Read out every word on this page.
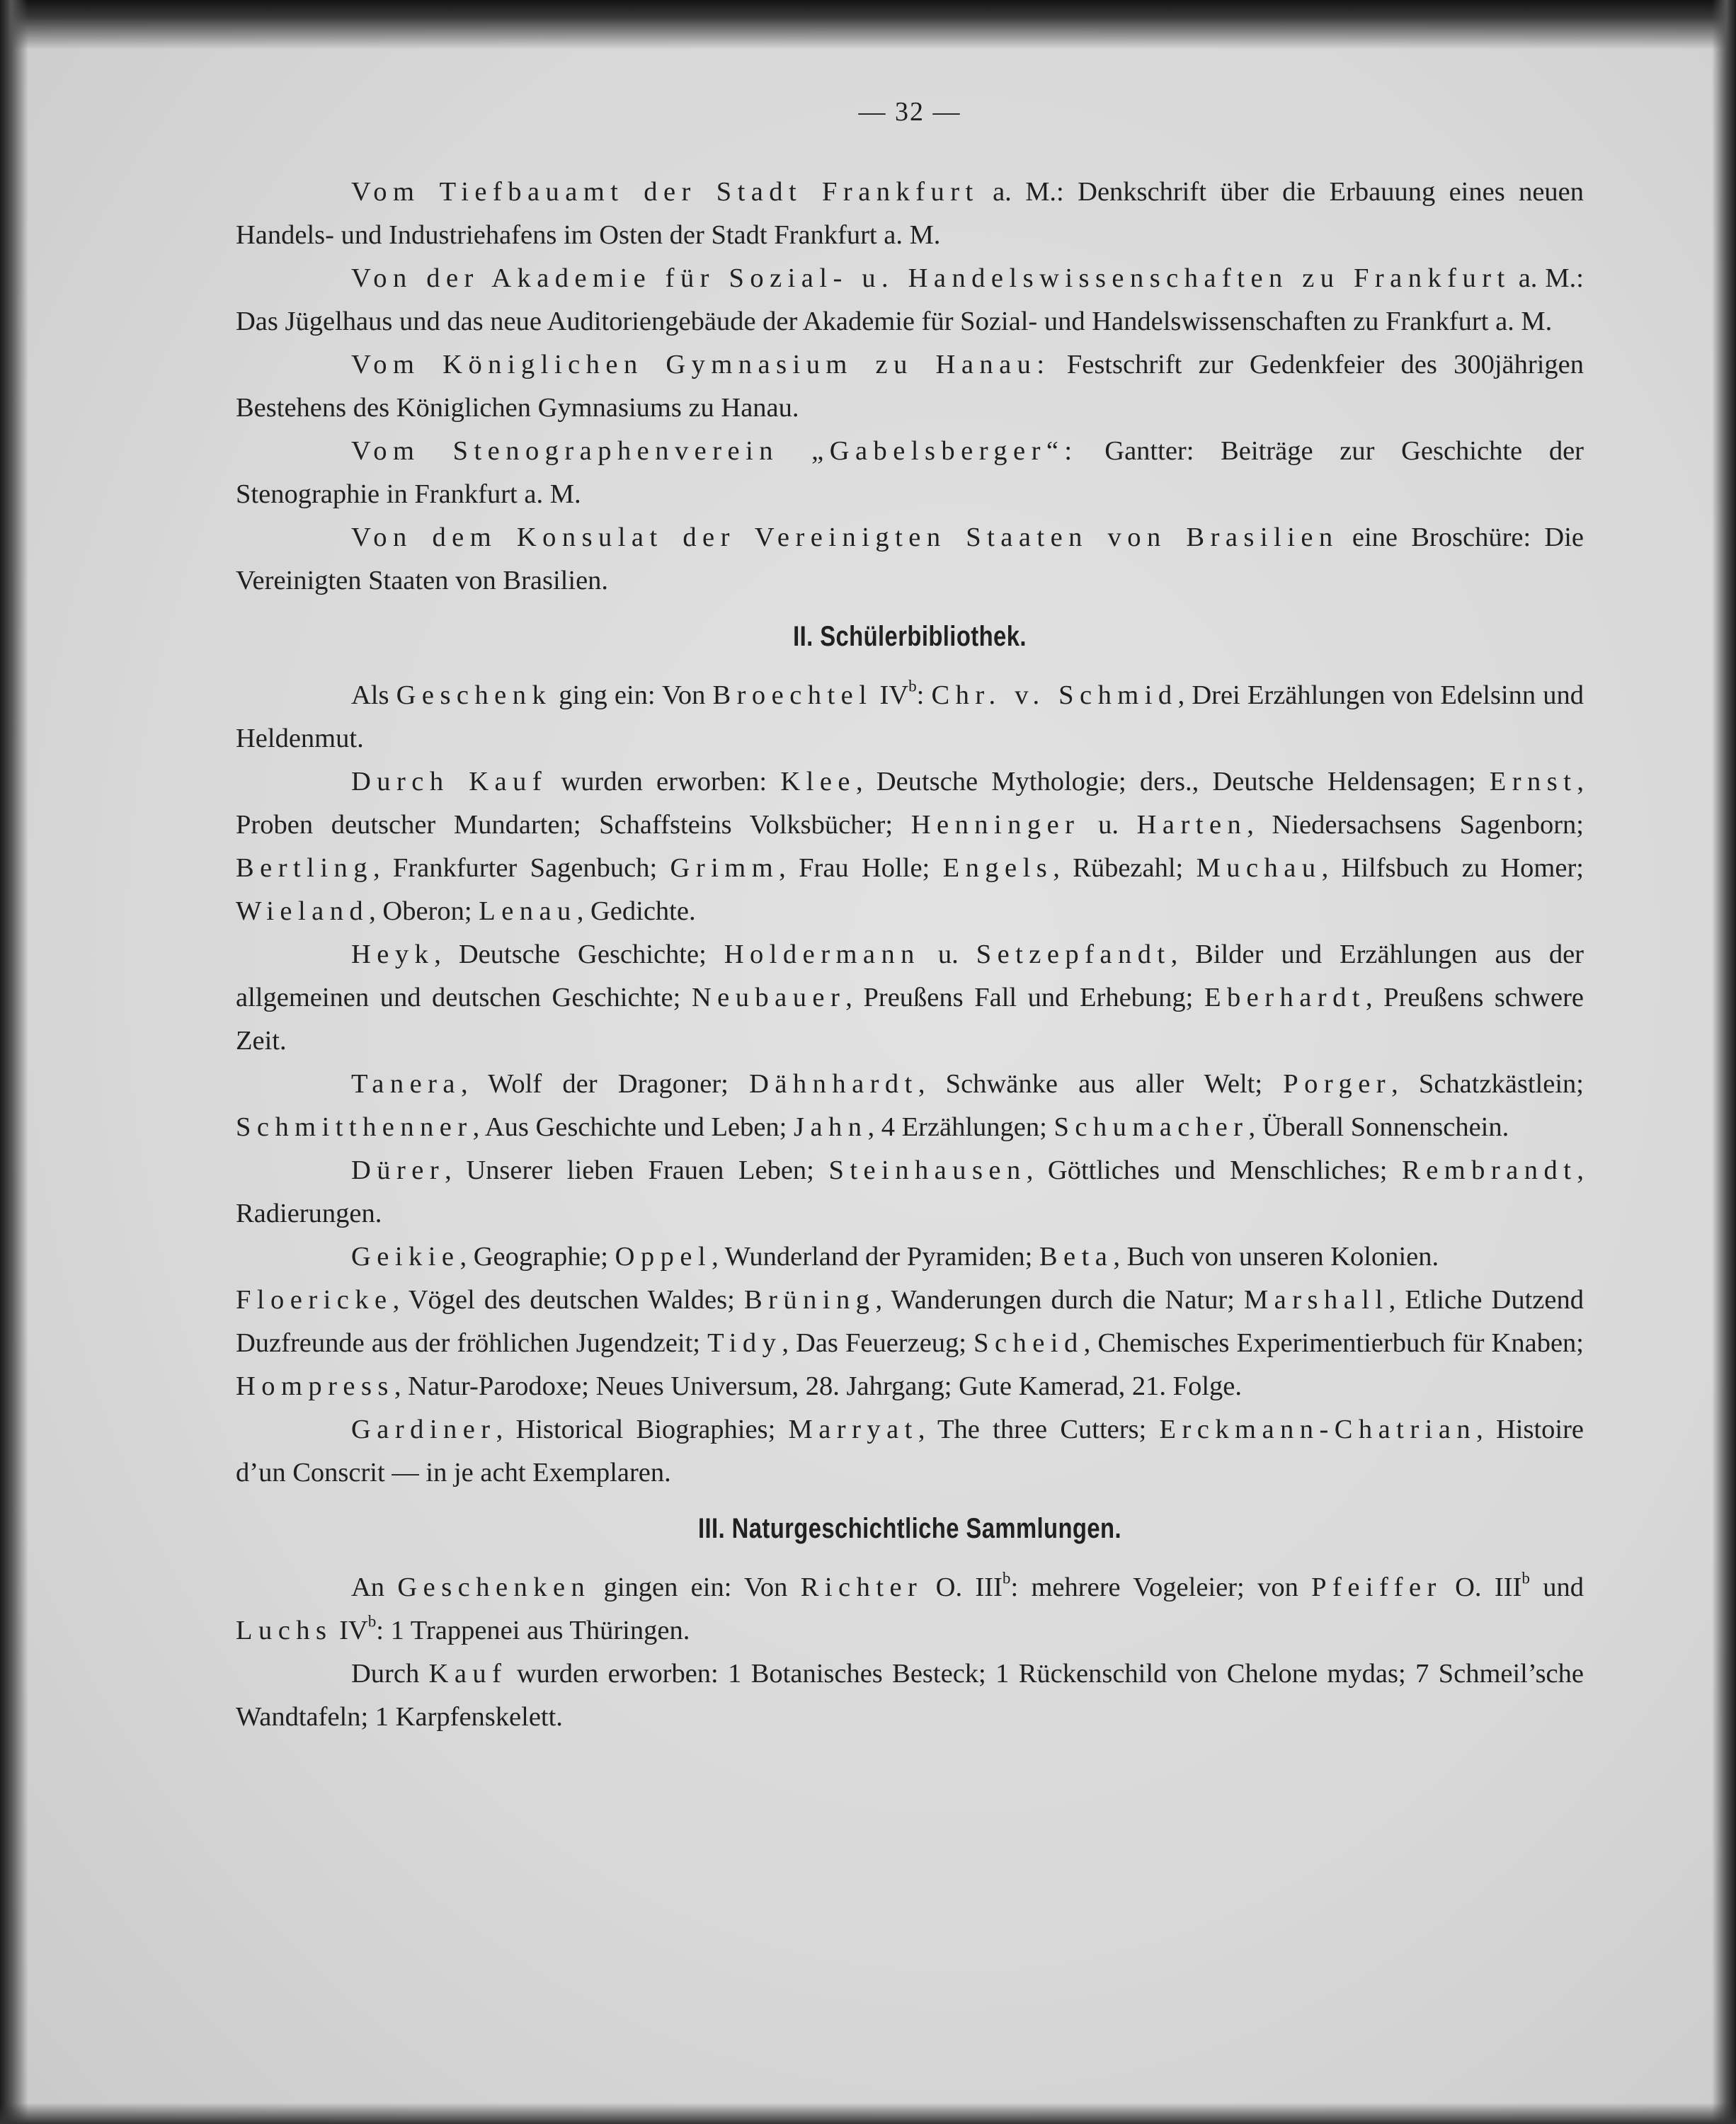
— 32 —

Vom Tiefbauamt der Stadt Frankfurt a. M.: Denkschrift über die Erbauung eines neuen Handels- und Industriehafens im Osten der Stadt Frankfurt a. M.

Von der Akademie für Sozial- u. Handelswissenschaften zu Frankfurt a. M.: Das Jügelhaus und das neue Auditoriengebäude der Akademie für Sozial- und Handelswissenschaften zu Frankfurt a. M.

Vom Königlichen Gymnasium zu Hanau: Festschrift zur Gedenkfeier des 300jährigen Bestehens des Königlichen Gymnasiums zu Hanau.

Vom Stenographenverein „Gabelsberger“: Gantter: Beiträge zur Geschichte der Stenographie in Frankfurt a. M.

Von dem Konsulat der Vereinigten Staaten von Brasilien eine Broschüre: Die Vereinigten Staaten von Brasilien.

II. Schülerbibliothek.

Als Geschenk ging ein: Von Broechtel $IV^b$: Chr. v. Schmid, Drei Erzählungen von Edelsinn und Heldenmut.

Durch Kauf wurden erworben: Klee, Deutsche Mythologie; ders., Deutsche Heldensagen; Ernst, Proben deutscher Mundarten; Schaffsteins Volksbücher; Henninger u. Harten, Niedersachsens Sagenborn; Bertling, Frankfurter Sagenbuch; Grimm, Frau Holle; Engels, Rübezahl; Muchau, Hilfsbuch zu Homer; Wieland, Oberon; Lenau, Gedichte.

Heyk, Deutsche Geschichte; Holdermann u. Setzepfandt, Bilder und Erzählungen aus der allgemeinen und deutschen Geschichte; Neubauer, Preußens Fall und Erhebung; Eberhardt, Preußens schwere Zeit.

Tanera, Wolf der Dragoner; Dähnhardt, Schwänke aus aller Welt; Porger, Schatzkästlein; Schmitthenner, Aus Geschichte und Leben; Jahn, 4 Erzählungen; Schumacher, Überall Sonnenschein.

Dürer, Unserer lieben Frauen Leben; Steinhausen, Göttliches und Menschliches; Rembrandt, Radierungen.

Geikie, Geographie; Oppel, Wunderland der Pyramiden; Beta, Buch von unseren Kolonien.

Floericke, Vögel des deutschen Waldes; Brüning, Wanderungen durch die Natur; Marshall, Etliche Dutzend Duzfreunde aus der fröhlichen Jugendzeit; Tidy, Das Feuerzeug; Scheid, Chemisches Experimentierbuch für Knaben; Hompress, Natur-Parodoxe; Neues Universum, 28. Jahrgang; Gute Kamerad, 21. Folge.

Gardiner, Historical Biographies; Marryat, The three Cutters; Erckmann-Chatrian, Histoire d’un Conscrit — in je acht Exemplaren.

III. Naturgeschichtliche Sammlungen.

An Geschenken gingen ein: Von Richter O. III$^b$: mehrere Vogeleier; von Pfeiffer O. III$^b$ und Luchs $IV^b$: 1 Trappenei aus Thüringen.

Durch Kauf wurden erworben: 1 Botanisches Besteck; 1 Rückenschild von Chelone mydas; 7 Schmeil’sche Wandtafeln; 1 Karpfenskelett.
